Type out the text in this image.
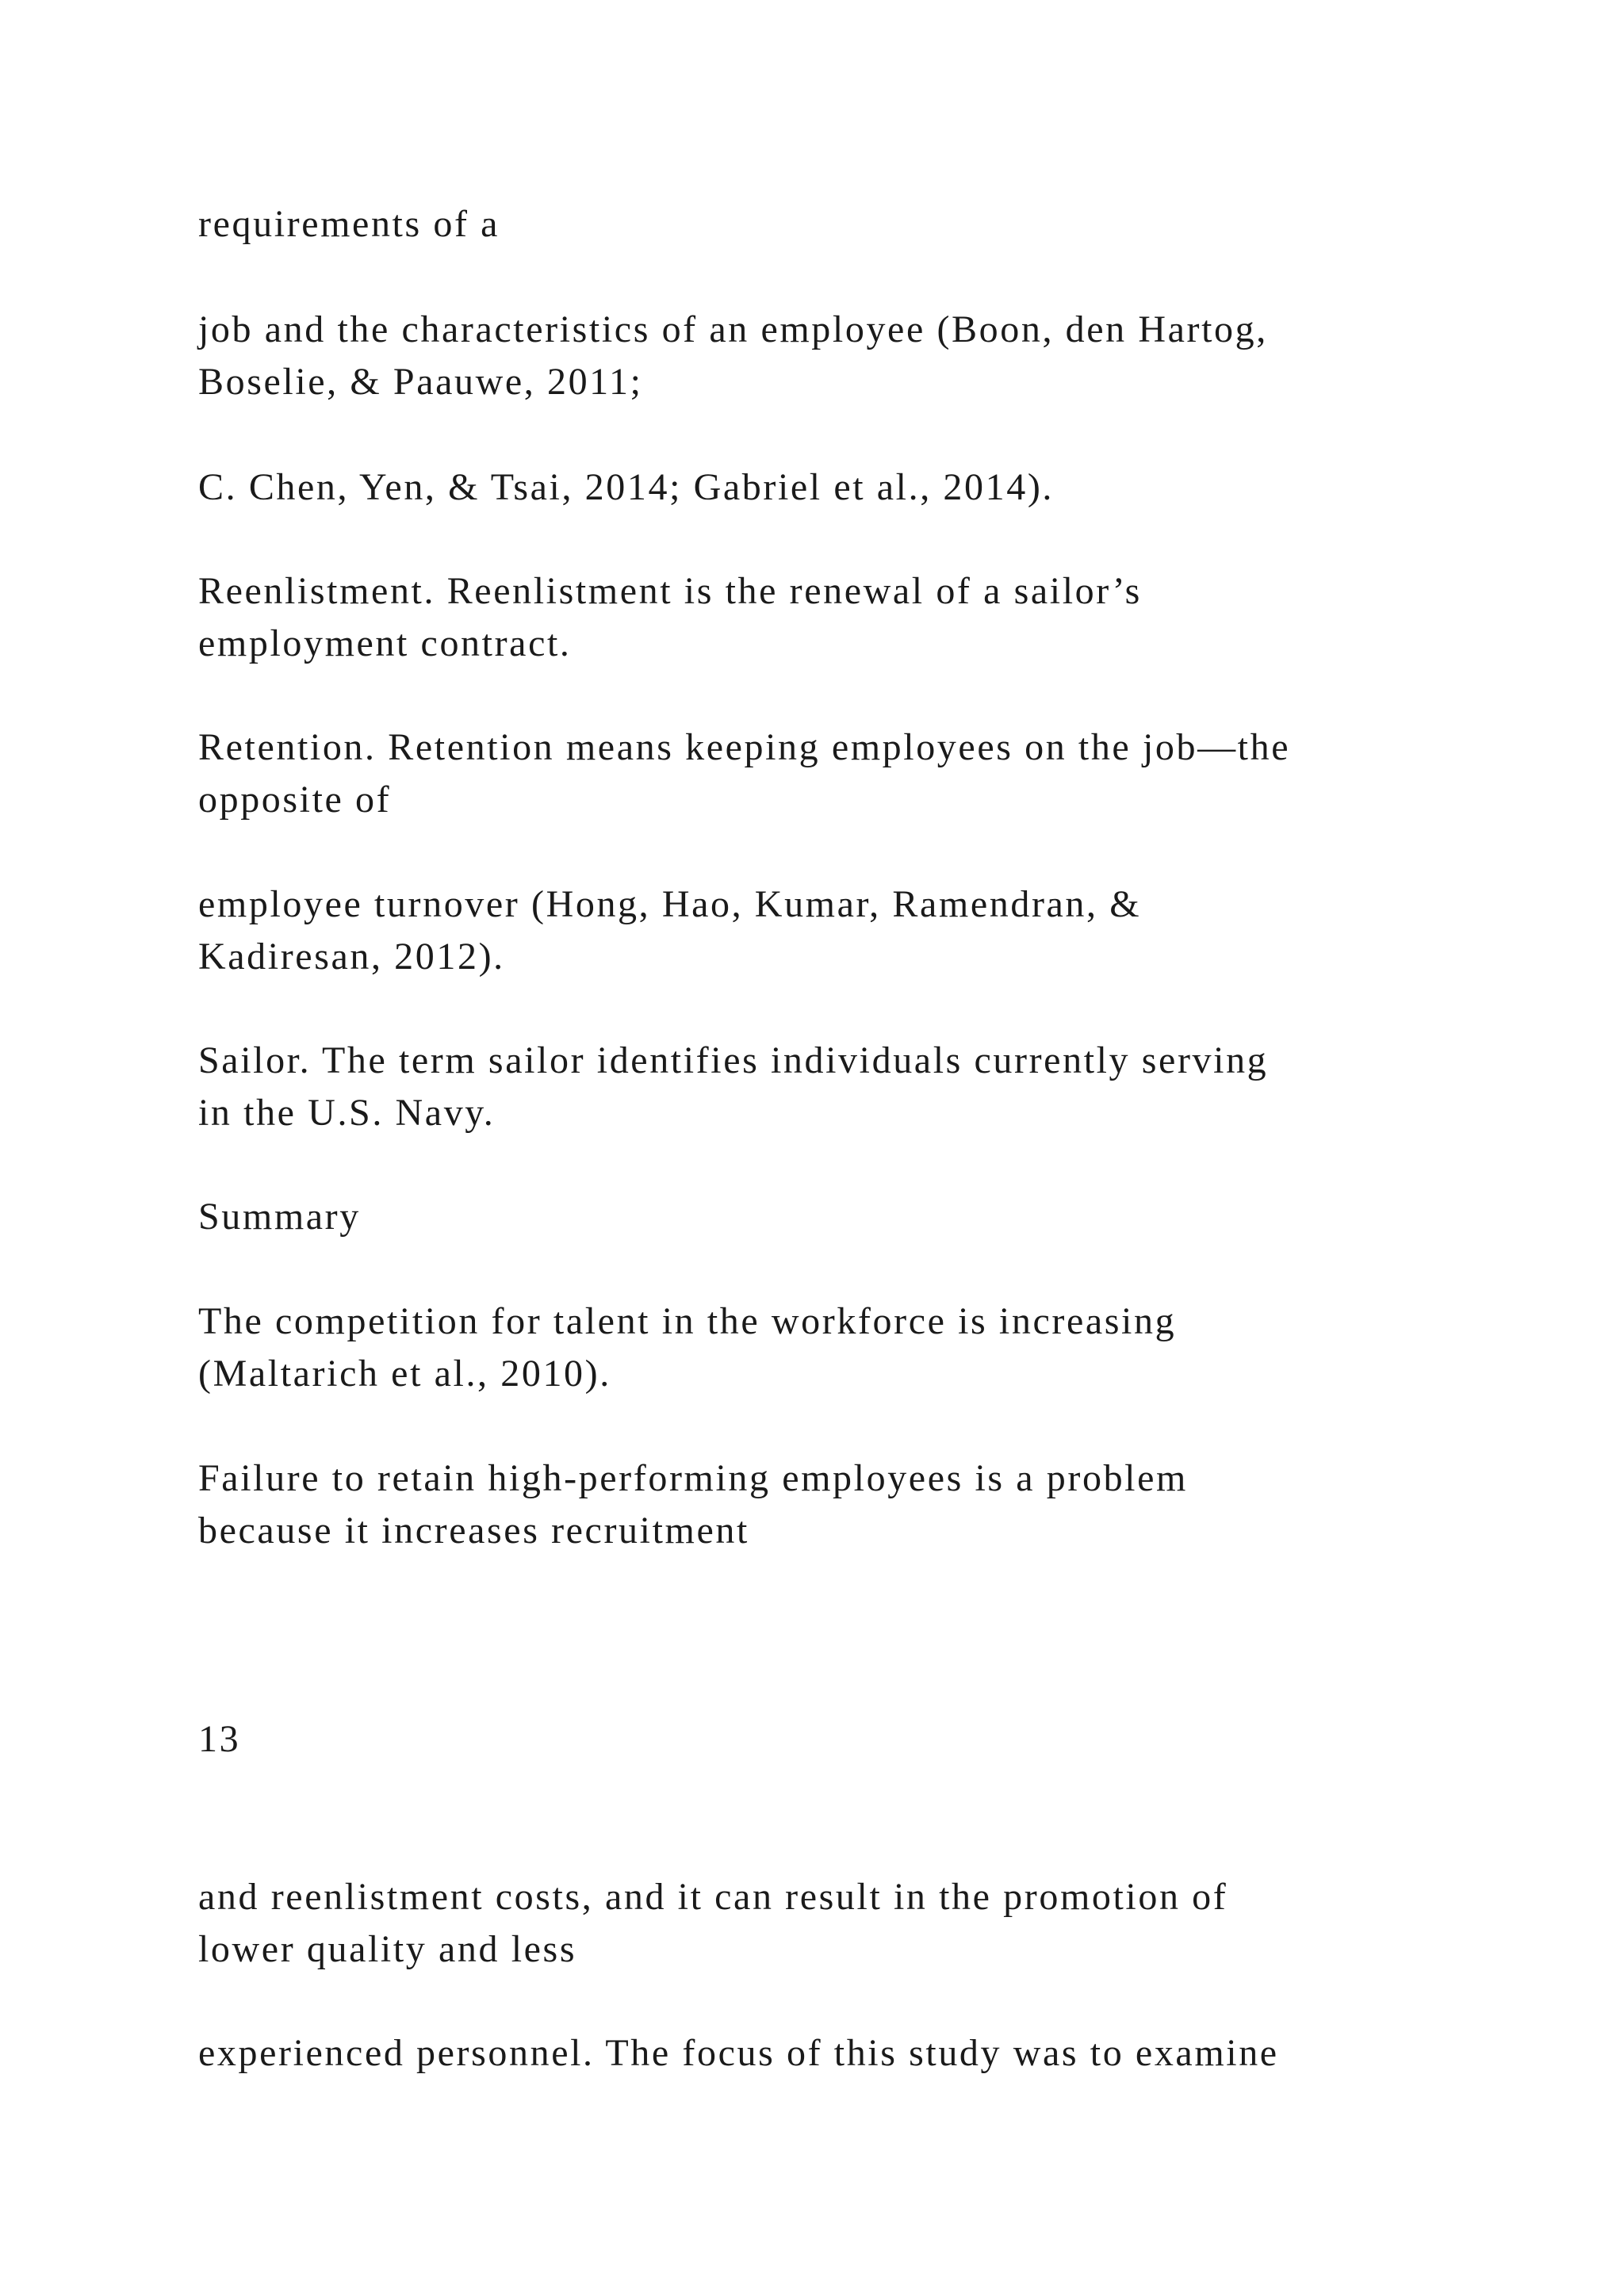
requirements of a

job and the characteristics of an employee (Boon, den Hartog,

Boselie, & Paauwe, 2011;

C. Chen, Yen, & Tsai, 2014; Gabriel et al., 2014).

Reenlistment. Reenlistment is the renewal of a sailor’s

employment contract.

Retention. Retention means keeping employees on the job—the

opposite of

employee turnover (Hong, Hao, Kumar, Ramendran, &

Kadiresan, 2012).

Sailor. The term sailor identifies individuals currently serving

in the U.S. Navy.

Summary

The competition for talent in the workforce is increasing

(Maltarich et al., 2010).

Failure to retain high-performing employees is a problem

because it increases recruitment

13

and reenlistment costs, and it can result in the promotion of

lower quality and less

experienced personnel. The focus of this study was to examine
